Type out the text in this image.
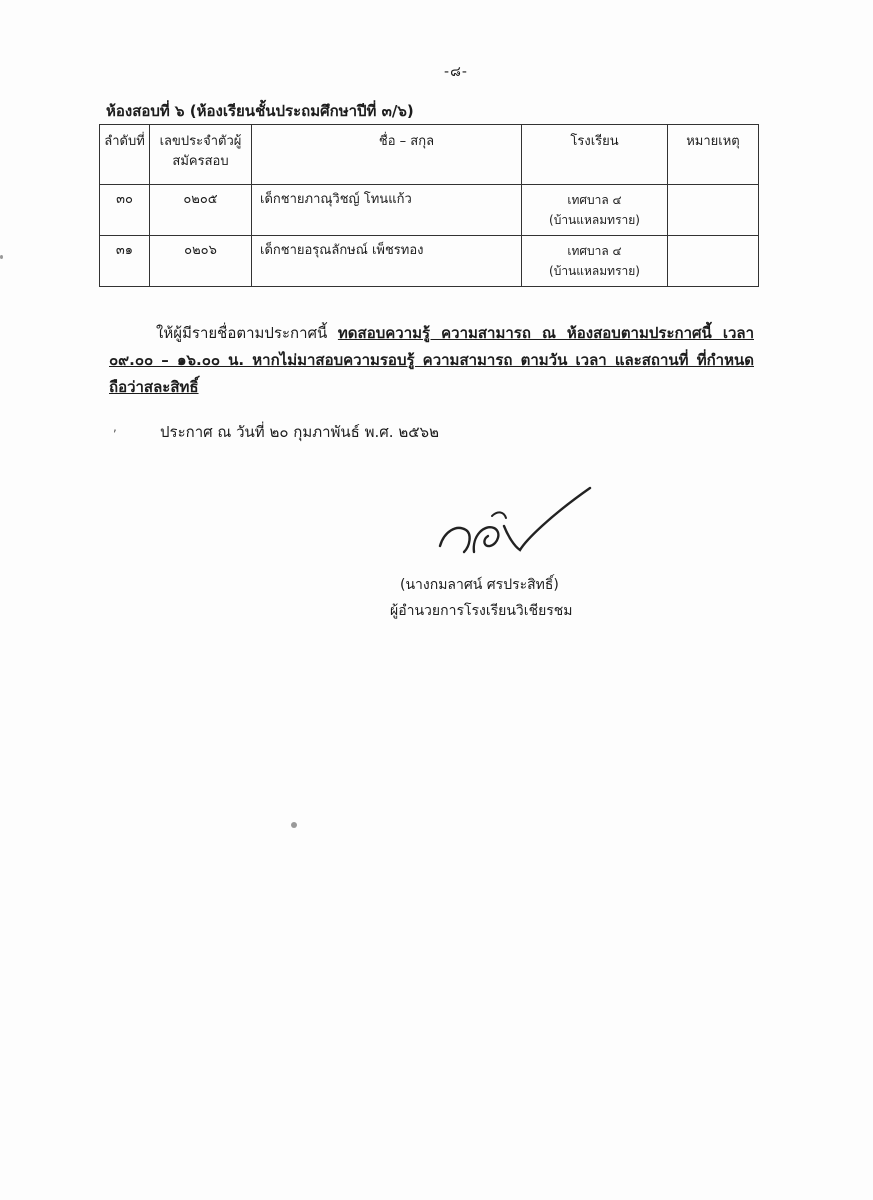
-๘-
ห้องสอบที่ ๖ (ห้องเรียนชั้นประถมศึกษาปีที่ ๓/๖)
ลำดับที่	เลขประจำตัวผู้สมัครสอบ	ชื่อ – สกุล	โรงเรียน	หมายเหตุ
๓๐	๐๒๐๕	เด็กชายภาณุวิชญ์ โทนแก้ว	เทศบาล ๔
(บ้านแหลมทราย)	

๓๑	๐๒๐๖	เด็กชายอรุณลักษณ์ เพ็ชรทอง	เทศบาล ๔
(บ้านแหลมทราย)	

ให้ผู้มีรายชื่อตามประกาศนี้ ทดสอบความรู้ ความสามารถ ณ ห้องสอบตามประกาศนี้ เวลา ๐๙.๐๐ – ๑๖.๐๐ น. หากไม่มาสอบความรอบรู้ ความสามารถ ตามวัน เวลา และสถานที่ ที่กำหนด ถือว่าสละสิทธิ์
,	ประกาศ ณ วันที่ ๒๐ กุมภาพันธ์ พ.ศ. ๒๕๖๒
(นางกมลาศน์ ศรประสิทธิ์)
ผู้อำนวยการโรงเรียนวิเชียรชม
